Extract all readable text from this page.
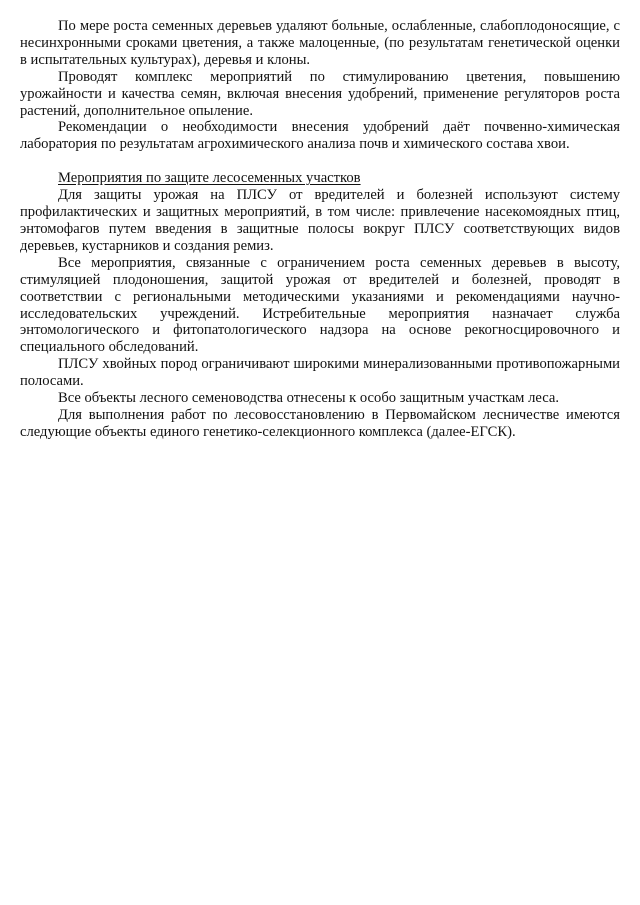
По мере роста семенных деревьев удаляют больные, ослабленные, слабоплодоносящие, с несинхронными сроками цветения, а также малоценные, (по результатам генетической оценки в испытательных культурах), деревья и клоны.

Проводят комплекс мероприятий по стимулированию цветения, повышению урожайности и качества семян, включая внесения удобрений, применение регуляторов роста растений, дополнительное опыление.

Рекомендации о необходимости внесения удобрений даёт почвенно-химическая лаборатория по результатам агрохимического анализа почв и химического состава хвои.

Мероприятия по защите лесосеменных участков

Для защиты урожая на ПЛСУ от вредителей и болезней используют систему профилактических и защитных мероприятий, в том числе: привлечение насекомоядных птиц, энтомофагов путем введения в защитные полосы вокруг ПЛСУ соответствующих видов деревьев, кустарников и создания ремиз.

Все мероприятия, связанные с ограничением роста семенных деревьев в высоту, стимуляцией плодоношения, защитой урожая от вредителей и болезней, проводят в соответствии с региональными методическими указаниями и рекомендациями научно-исследовательских учреждений. Истребительные мероприятия назначает служба энтомологического и фитопатологического надзора на основе рекогносцировочного и специального обследований.

ПЛСУ хвойных пород ограничивают широкими минерализованными противопожарными полосами.

Все объекты лесного семеноводства отнесены к особо защитным участкам леса.

Для выполнения работ по лесовосстановлению в Первомайском лесничестве имеются следующие объекты единого генетико-селекционного комплекса (далее-ЕГСК).
